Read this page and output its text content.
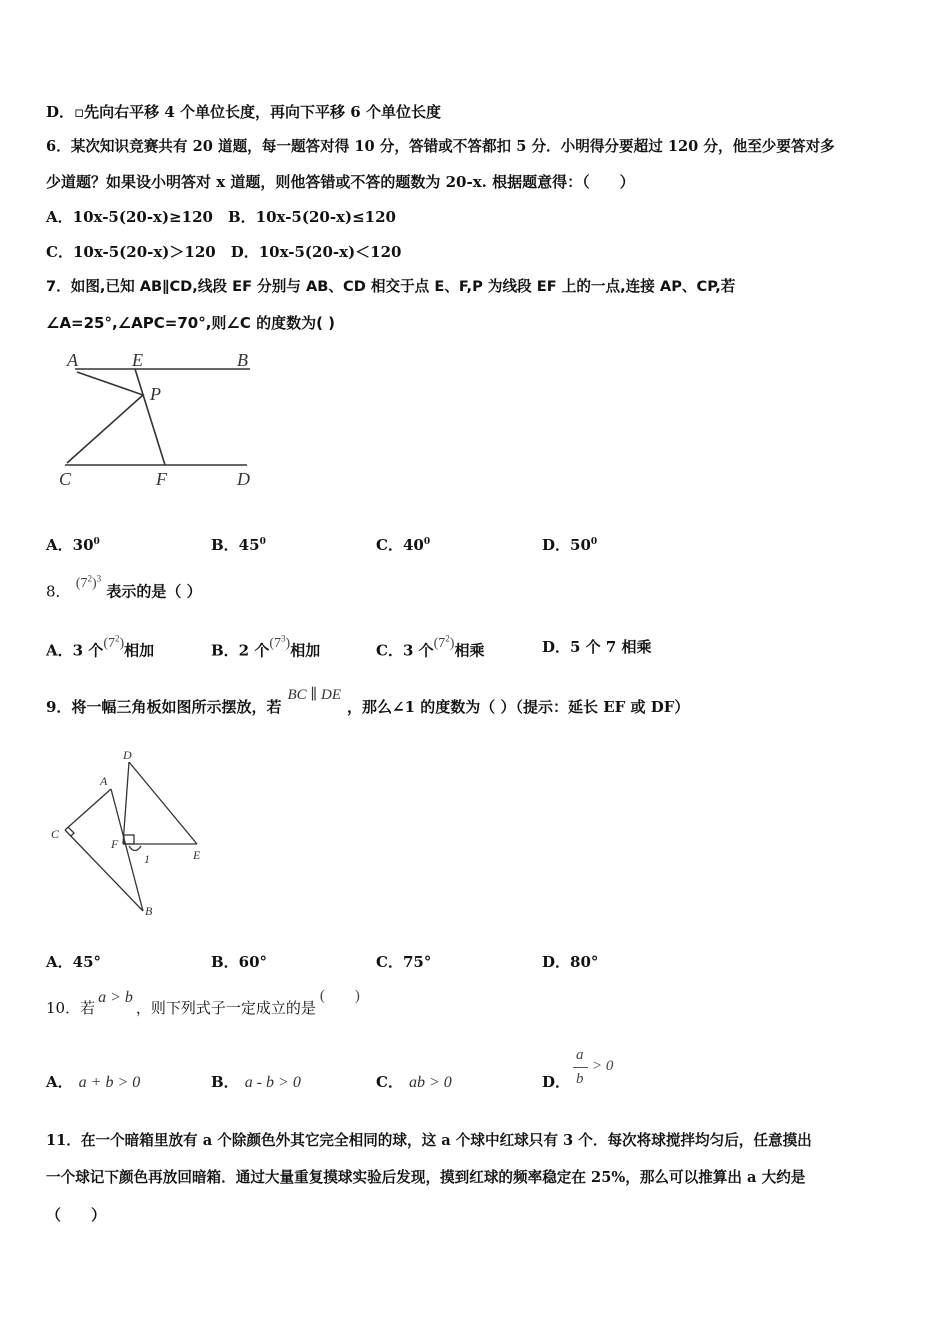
D．▫先向右平移 4 个单位长度，再向下平移 6 个单位长度
6．某次知识竞赛共有 20 道题，每一题答对得 10 分，答错或不答都扣 5 分．小明得分要超过 120 分，他至少要答对多
少道题？如果设小明答对 x 道题，则他答错或不答的题数为 20-x. 根据题意得：（　　）
A．10x-5(20-x)≥120　B．10x-5(20-x)≤120
C．10x-5(20-x)＞120　D．10x-5(20-x)＜120
7．如图,已知 AB∥CD,线段 EF 分别与 AB、CD 相交于点 E、F,P 为线段 EF 上的一点,连接 AP、CP,若
∠A=25°,∠APC=70°,则∠C 的度数为( )
A	E	B
P
C	F	D
A．$30^0$	B．$45^0$	C．$40^0$	D．$50^0$
8． $(7^2)^3$ 表示的是（ ）
A．3 个$(7^2)$相加	B．2 个$(7^3)$相加	C．3 个$(7^2)$相乘	D．5 个 7 相乘
9．将一幅三角板如图所示摆放，若BC ∥ DE，那么∠1 的度数为（ ）（提示：延长 EF 或 DF）
D
A
C
F
1	E
B
A．45°	B．60°	C．75°	D．80°
10．若a > b，则下列式子一定成立的是(　　)
A． a + b > 0	B． a - b > 0	C． ab > 0	D．
a
b
> 0
11．在一个暗箱里放有 a 个除颜色外其它完全相同的球，这 a 个球中红球只有 3 个．每次将球搅拌均匀后，任意摸出
一个球记下颜色再放回暗箱．通过大量重复摸球实验后发现，摸到红球的频率稳定在 25%，那么可以推算出 a 大约是
（　　）
